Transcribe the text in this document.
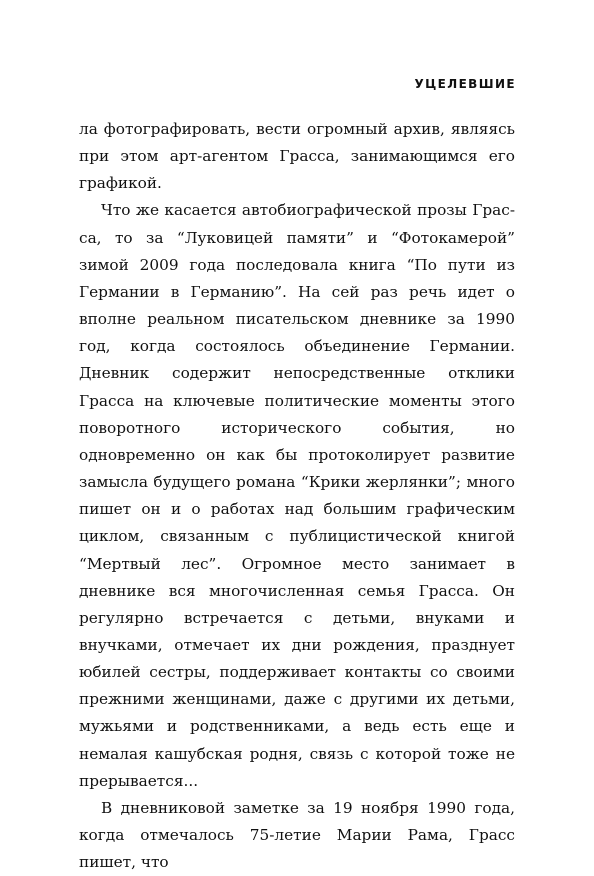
УЦЕЛЕВШИЕ

ла фотографировать, вести огромный архив, являясь при этом арт-агентом Грасса, занимающимся его графикой.

Что же касается автобиографической прозы Грасса, то за “Луковицей памяти” и “Фотокамерой” зимой 2009 года последовала книга “По пути из Германии в Германию”. На сей раз речь идет о вполне реальном писательском дневнике за 1990 год, когда состоялось объединение Германии. Дневник содержит непосредственные отклики Грасса на ключевые политические моменты этого поворотного исторического события, но одновременно он как бы протоколирует развитие замысла будущего романа “Крики жерлянки”; много пишет он и о работах над большим графическим циклом, связанным с публицистической книгой “Мертвый лес”. Огромное место занимает в дневнике вся многочисленная семья Грасса. Он регулярно встречается с детьми, внуками и внучками, отмечает их дни рождения, празднует юбилей сестры, поддерживает контакты со своими прежними женщинами, даже с другими их детьми, мужьями и родственниками, а ведь есть еще и немалая кашубская родня, связь с которой тоже не прерывается...

В дневниковой заметке за 19 ноября 1990 года, когда отмечалось 75-летие Марии Рама, Грасс пишет, что
